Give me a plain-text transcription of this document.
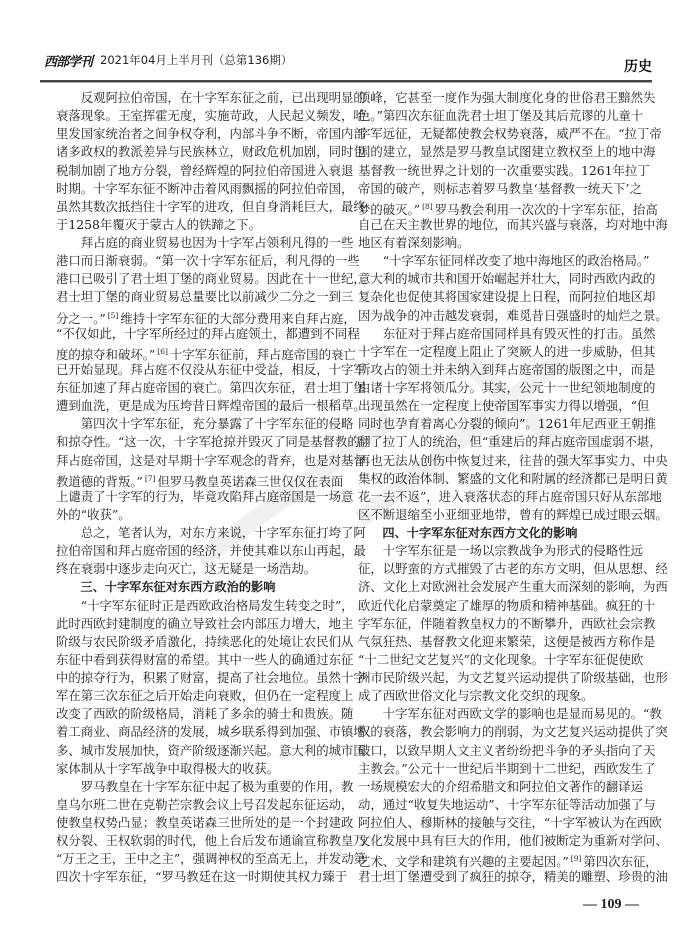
西部学刊 2021年04月上半月刊（总第136期）	历史
反观阿拉伯帝国，在十字军东征之前，已出现明显的
衰落现象。王室挥霍无度，实施苛政，人民起义频发，哈
里发国家统治者之间争权夺利，内部斗争不断，帝国内部
诸多政权的教派差异与民族林立，财政危机加剧，同时包
税制加剧了地方分裂，曾经辉煌的阿拉伯帝国进入衰退
时期。十字军东征不断冲击着风雨飘摇的阿拉伯帝国，
虽然其数次抵挡住十字军的进攻，但自身消耗巨大，最终
于1258年覆灭于蒙古人的铁蹄之下。
拜占庭的商业贸易也因为十字军占领利凡得的一些
港口而日渐衰弱。“第一次十字军东征后，利凡得的一些
港口已吸引了君士坦丁堡的商业贸易。因此在十一世纪，
君士坦丁堡的商业贸易总量要比以前减少二分之一到三
分之一。” [5] 维持十字军东征的大部分费用来自拜占庭，
“不仅如此，十字军所经过的拜占庭领土，都遭到不同程
度的掠夺和破坏。” [6] 十字军东征前，拜占庭帝国的衰亡
已开始显现。拜占庭不仅没从东征中受益，相反，十字军
东征加速了拜占庭帝国的衰亡。第四次东征，君士坦丁堡
遭到血洗，更是成为压垮昔日辉煌帝国的最后一根稻草。
第四次十字军东征，充分暴露了十字军东征的侵略
和掠夺性。“这一次，十字军抢掠并毁灭了同是基督教的
拜占庭帝国，这是对早期十字军观念的背弃，也是对基督
教道德的背叛。” [7] 但罗马教皇英诺森三世仅仅在表面
上谴责了十字军的行为，毕竟攻陷拜占庭帝国是一场意
外的“收获”。
总之，笔者认为，对东方来说，十字军东征打垮了阿
拉伯帝国和拜占庭帝国的经济，并使其难以东山再起，最
终在衰弱中逐步走向灭亡，这无疑是一场浩劫。
三、十字军东征对东西方政治的影响
“十字军东征时正是西欧政治格局发生转变之时”，
此时西欧封建制度的确立导致社会内部压力增大，地主
阶级与农民阶级矛盾激化，持续恶化的处境让农民们从
东征中看到获得财富的希望。其中一些人的确通过东征
中的掠夺行为，积累了财富，提高了社会地位。虽然十字
军在第三次东征之后开始走向衰败，但仍在一定程度上
改变了西欧的阶级格局，消耗了多余的骑士和贵族。随
着工商业、商品经济的发展，城乡联系得到加强、市镇增
多、城市发展加快，资产阶级逐渐兴起。意大利的城市国
家体制从十字军战争中取得极大的收获。
罗马教皇在十字军东征中起了极为重要的作用，教
皇乌尔班二世在克勒芒宗教会议上号召发起东征运动，
使教皇权势凸显；教皇英诺森三世所处的是一个封建政
权分裂、王权软弱的时代，他上台后发布通谕宣称教皇乃
“万王之王，王中之主”，强调神权的至高无上，并发动第
四次十字军东征，“罗马教廷在这一时期使其权力臻于
顶峰，它甚至一度作为强大制度化身的世俗君王黯然失
色。”第四次东征血洗君士坦丁堡及其后荒谬的儿童十
字军远征，无疑都使教会权势衰落，威严不在。“拉丁帝
国的建立，显然是罗马教皇试图建立教权至上的地中海
基督教一统世界之计划的一次重要实践。1261年拉丁
帝国的破产，则标志着罗马教皇‘基督教一统天下’之
梦的破灭。” [8] 罗马教会利用一次次的十字军东征，抬高
自己在天主教世界的地位，而其兴盛与衰落，均对地中海
地区有着深刻影响。
“十字军东征同样改变了地中海地区的政治格局。”
意大利的城市共和国开始崛起并壮大，同时西欧内政的
复杂化也促使其将国家建设提上日程，而阿拉伯地区却
因为战争的冲击越发衰弱，难觅昔日强盛时的灿烂之景。
东征对于拜占庭帝国同样具有毁灭性的打击。虽然
十字军在一定程度上阻止了突厥人的进一步威胁，但其
所攻占的领土并未纳入到拜占庭帝国的版图之中，而是
由诸十字军将领瓜分。其实，公元十一世纪领地制度的
出现虽然在一定程度上使帝国军事实力得以增强，“但
同时也孕育着离心分裂的倾向”。1261年尼西亚王朝推
翻了拉丁人的统治，但“重建后的拜占庭帝国虚弱不堪，
再也无法从创伤中恢复过来，往昔的强大军事实力、中央
集权的政治体制、繁盛的文化和附属的经济都已是明日黄
花一去不返”，进入衰落状态的拜占庭帝国只好从东部地
区不断退缩至小亚细亚地带，曾有的辉煌已成过眼云烟。
四、十字军东征对东西方文化的影响
十字军东征是一场以宗教战争为形式的侵略性远
征，以野蛮的方式摧毁了古老的东方文明，但从思想、经
济、文化上对欧洲社会发展产生重大而深刻的影响，为西
欧近代化启蒙奠定了雄厚的物质和精神基础。疯狂的十
字军东征，伴随着教皇权力的不断攀升，西欧社会宗教
气氛狂热、基督教文化迎来繁荣，这便是被西方称作是
“十二世纪文艺复兴”的文化现象。十字军东征促使欧
洲市民阶级兴起，为文艺复兴运动提供了阶级基础，也形
成了西欧世俗文化与宗教文化交织的现象。
十字军东征对西欧文学的影响也是显而易见的。“教
权的衰落，教会影响力的削弱，为文艺复兴运动提供了突
破口，以致早期人文主义者纷纷把斗争的矛头指向了天
主教会。”公元十一世纪后半期到十二世纪，西欧发生了
一场规模宏大的介绍希腊文和阿拉伯文著作的翻译运
动，通过“收复失地运动”、十字军东征等活动加强了与
阿拉伯人、穆斯林的接触与交往，“十字军被认为在西欧
文化发展中具有巨大的作用，他们被断定为重新对学问、
艺术、文学和建筑有兴趣的主要起因。” [9] 第四次东征，
君士坦丁堡遭受到了疯狂的掠夺，精美的雕塑、珍贵的油
— 109 —
